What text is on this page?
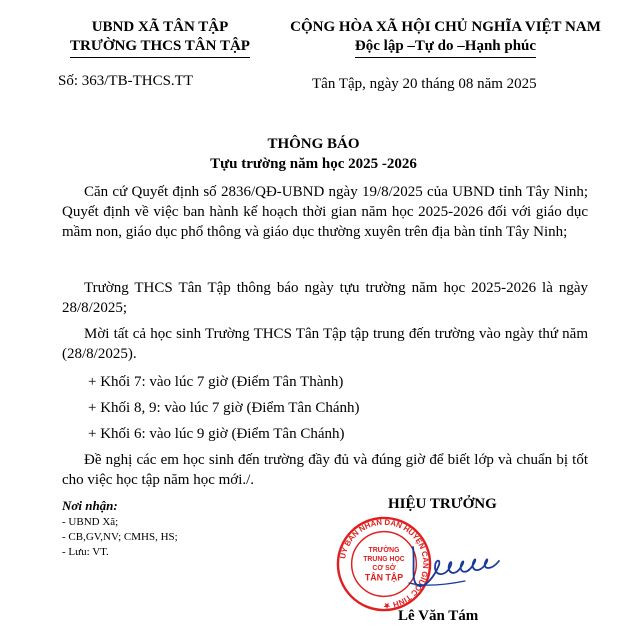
UBND XÃ TÂN TẬP
TRƯỜNG THCS TÂN TẬP
CỘNG HÒA XÃ HỘI CHỦ NGHĨA VIỆT NAM
Độc lập –Tự do –Hạnh phúc
Số: 363/TB-THCS.TT	Tân Tập, ngày 20 tháng 08 năm 2025
THÔNG BÁO
Tựu trường năm học 2025 -2026
Căn cứ Quyết định số 2836/QĐ-UBND ngày 19/8/2025 của UBND tỉnh Tây Ninh; Quyết định về việc ban hành kế hoạch thời gian năm học 2025-2026 đối với giáo dục mầm non, giáo dục phổ thông và giáo dục thường xuyên trên địa bàn tỉnh Tây Ninh;
Trường THCS Tân Tập thông báo ngày tựu trường năm học 2025-2026 là ngày 28/8/2025;
Mời tất cả học sinh Trường THCS Tân Tập tập trung đến trường vào ngày thứ năm (28/8/2025).
+ Khối 7: vào lúc 7 giờ (Điểm Tân Thành)
+ Khối 8, 9: vào lúc 7 giờ (Điểm Tân Chánh)
+ Khối 6: vào lúc 9 giờ (Điểm Tân Chánh)
Đề nghị các em học sinh đến trường đầy đủ và đúng giờ để biết lớp và chuẩn bị tốt cho việc học tập năm học mới./.
Nơi nhận:
- UBND Xã;
- CB,GV,NV; CMHS, HS;
- Lưu: VT.
HIỆU TRƯỞNG
ỦY BAN NHÂN DÂN HUYỆN CẦN GIUỘC TỈNH ★
TRƯỜNG
TRUNG HỌC
CƠ SỞ
TÂN TẬP
Lê Văn Tám
